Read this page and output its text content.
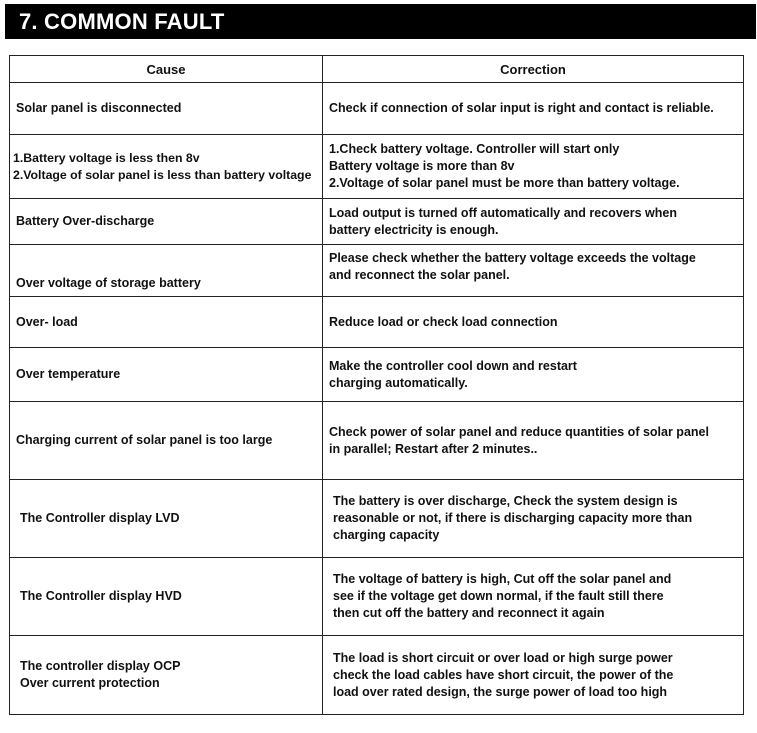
7. COMMON FAULT
Cause	Correction

Solar panel is disconnected	Check if connection of solar input is right and contact is reliable.

1.Battery voltage is less then 8v
2.Voltage of solar panel is less than battery voltage	1.Check battery voltage. Controller will start only
Battery voltage is more than 8v
2.Voltage of solar panel must be more than battery voltage.

Battery Over-discharge	Load output is turned off automatically and recovers when
battery electricity is enough.

Over voltage of storage battery	Please check whether the battery voltage exceeds the voltage
and reconnect the solar panel.

Over- load	Reduce load or check load connection

Over temperature	Make the controller cool down and restart
charging automatically.

Charging current of solar panel is too large	Check power of solar panel and reduce quantities of solar panel
in parallel; Restart after 2 minutes..

The Controller display LVD	The battery is over discharge, Check the system design is
reasonable or not, if there is discharging capacity more than
charging capacity

The Controller display HVD	The voltage of battery is high, Cut off the solar panel and
see if the voltage get down normal, if the fault still there
then cut off the battery and reconnect it again

The controller display OCP
Over current protection	The load is short circuit or over load or high surge power
check the load cables have short circuit, the power of the
load over rated design, the surge power of load too high
